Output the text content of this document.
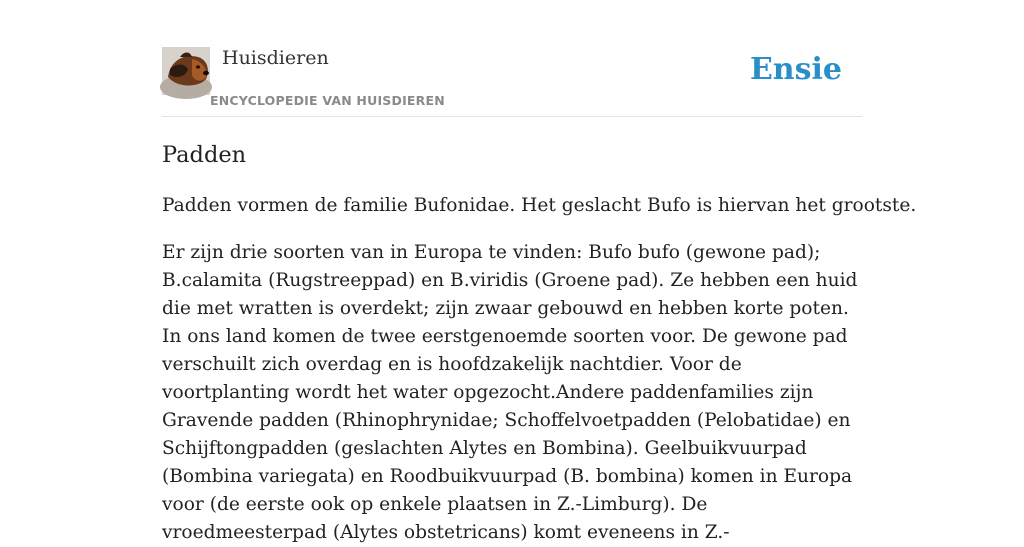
Huisdieren
ENCYCLOPEDIE VAN HUISDIEREN
Ensie
Padden

Padden vormen de familie Bufonidae. Het geslacht Bufo is hiervan het grootste.

Er zijn drie soorten van in Europa te vinden: Bufo bufo (gewone pad); B.calamita (Rugstreeppad) en B.viridis (Groene pad). Ze hebben een huid die met wratten is overdekt; zijn zwaar gebouwd en hebben korte poten. In ons land komen de twee eerstgenoemde soorten voor. De gewone pad verschuilt zich overdag en is hoofdzakelijk nachtdier. Voor de voortplanting wordt het water opgezocht.Andere paddenfamilies zijn Gravende padden (Rhinophrynidae; Schoffelvoetpadden (Pelobatidae) en Schijftongpadden (geslachten Alytes en Bombina). Geelbuikvuurpad (Bombina variegata) en Roodbuikvuurpad (B. bombina) komen in Europa voor (de eerste ook op enkele plaatsen in Z.-Limburg). De vroedmeesterpad (Alytes obstetricans) komt eveneens in Z.-
